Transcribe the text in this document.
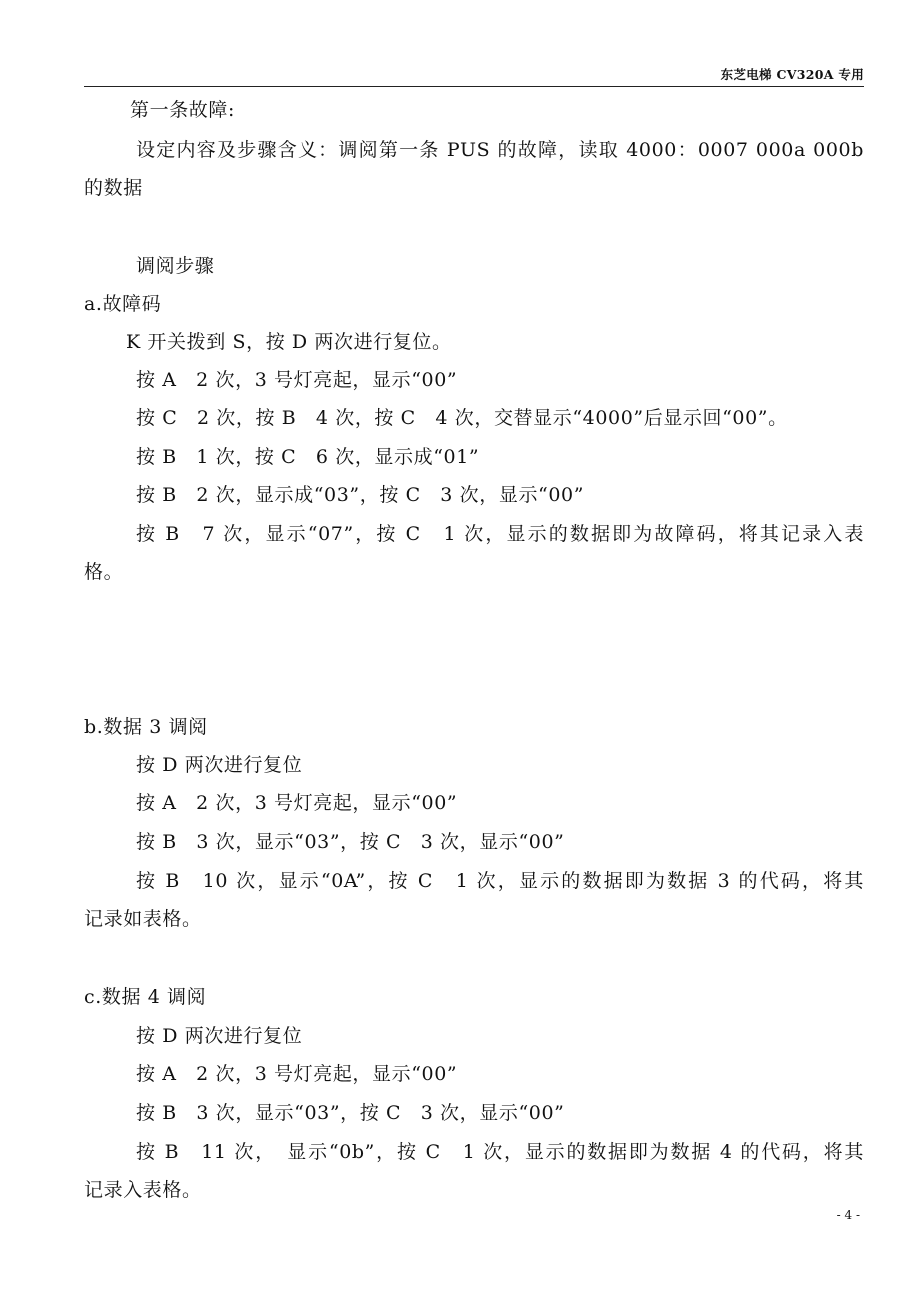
东芝电梯 CV320A 专用
第一条故障:
设定内容及步骤含义：调阅第一条 PUS 的故障，读取 4000：0007 000a 000b
的数据
调阅步骤
a.故障码
K 开关拨到 S，按 D 两次进行复位。
按 A　2 次，3 号灯亮起，显示“00”
按 C　2 次，按 B　4 次，按 C　4 次，交替显示“4000”后显示回“00”。
按 B　1 次，按 C　6 次，显示成“01”
按 B　2 次，显示成“03”，按 C　3 次，显示“00”
按 B　7 次，显示“07”，按 C　1 次，显示的数据即为故障码，将其记录入表
格。
b.数据 3 调阅
按 D 两次进行复位
按 A　2 次，3 号灯亮起，显示“00”
按 B　3 次，显示“03”，按 C　3 次，显示“00”
按 B　10 次，显示“0A”，按 C　1 次，显示的数据即为数据 3 的代码，将其
记录如表格。
c.数据 4 调阅
按 D 两次进行复位
按 A　2 次，3 号灯亮起，显示“00”
按 B　3 次，显示“03”，按 C　3 次，显示“00”
按 B　11 次，　显示“0b”，按 C　1 次，显示的数据即为数据 4 的代码，将其
记录入表格。
- 4 -
